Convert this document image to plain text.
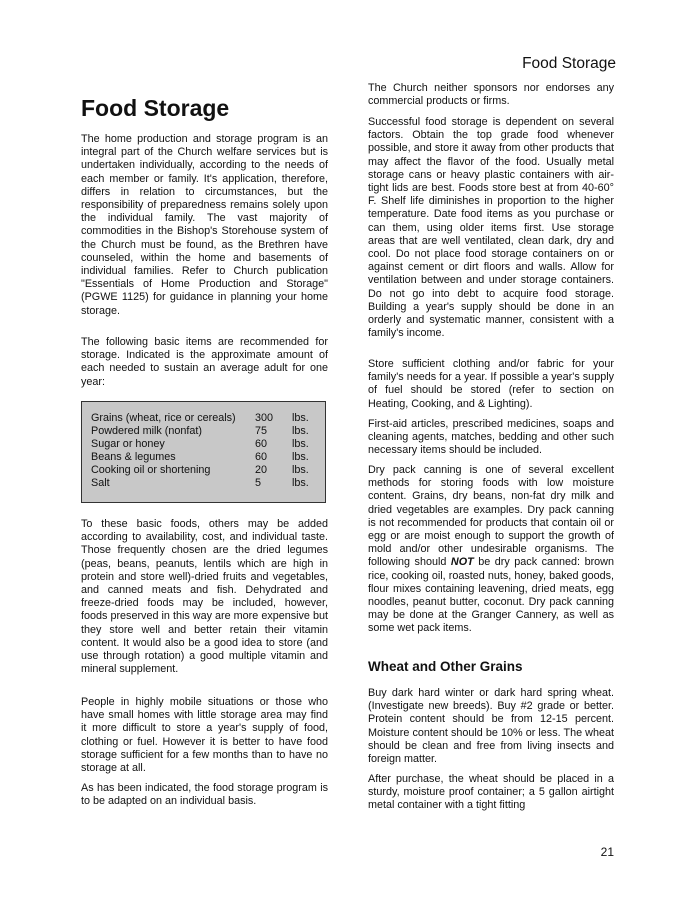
Food Storage
Food Storage

The home production and storage program is an integral part of the Church welfare services but is undertaken individually, according to the needs of each member or family. It's application, therefore, differs in relation to circumstances, but the responsibility of preparedness remains solely upon the individual family. The vast majority of commodities in the Bishop's Storehouse system of the Church must be found, as the Brethren have counseled, within the home and basements of individual families. Refer to Church publication "Essentials of Home Production and Storage" (PGWE 1125) for guidance in planning your home storage.

The following basic items are recommended for storage. Indicated is the approximate amount of each needed to sustain an average adult for one year:

Grains (wheat, rice or cereals)	300	lbs.
Powdered milk (nonfat)	75	lbs.
Sugar or honey	60	lbs.
Beans & legumes	60	lbs.
Cooking oil or shortening	20	lbs.
Salt	5	lbs.

To these basic foods, others may be added according to availability, cost, and individual taste. Those frequently chosen are the dried legumes (peas, beans, peanuts, lentils which are high in protein and store well)-dried fruits and vegetables, and canned meats and fish. Dehydrated and freeze-dried foods may be included, however, foods preserved in this way are more expensive but they store well and better retain their vitamin content. It would also be a good idea to store (and use through rotation) a good multiple vitamin and mineral supplement.

People in highly mobile situations or those who have small homes with little storage area may find it more difficult to store a year's supply of food, clothing or fuel. However it is better to have food storage sufficient for a few months than to have no storage at all.

As has been indicated, the food storage program is to be adapted on an individual basis.

The Church neither sponsors nor endorses any commercial products or firms.

Successful food storage is dependent on several factors. Obtain the top grade food whenever possible, and store it away from other products that may affect the flavor of the food. Usually metal storage cans or heavy plastic containers with air-tight lids are best. Foods store best at from 40-60° F. Shelf life diminishes in proportion to the higher temperature. Date food items as you purchase or can them, using older items first. Use storage areas that are well ventilated, clean dark, dry and cool. Do not place food storage containers on or against cement or dirt floors and walls. Allow for ventilation between and under storage containers. Do not go into debt to acquire food storage. Building a year's supply should be done in an orderly and systematic manner, consistent with a family's income.

Store sufficient clothing and/or fabric for your family's needs for a year. If possible a year's supply of fuel should be stored (refer to section on Heating, Cooking, and & Lighting).

First-aid articles, prescribed medicines, soaps and cleaning agents, matches, bedding and other such necessary items should be included.

Dry pack canning is one of several excellent methods for storing foods with low moisture content. Grains, dry beans, non-fat dry milk and dried vegetables are examples. Dry pack canning is not recommended for products that contain oil or egg or are moist enough to support the growth of mold and/or other undesirable organisms. The following should NOT be dry pack canned: brown rice, cooking oil, roasted nuts, honey, baked goods, flour mixes containing leavening, dried meats, egg noodles, peanut butter, coconut. Dry pack canning may be done at the Granger Cannery, as well as some wet pack items.

Wheat and Other Grains

Buy dark hard winter or dark hard spring wheat. (Investigate new breeds). Buy #2 grade or better. Protein content should be from 12-15 percent. Moisture content should be 10% or less. The wheat should be clean and free from living insects and foreign matter.

After purchase, the wheat should be placed in a sturdy, moisture proof container; a 5 gallon airtight metal container with a tight fitting

21
